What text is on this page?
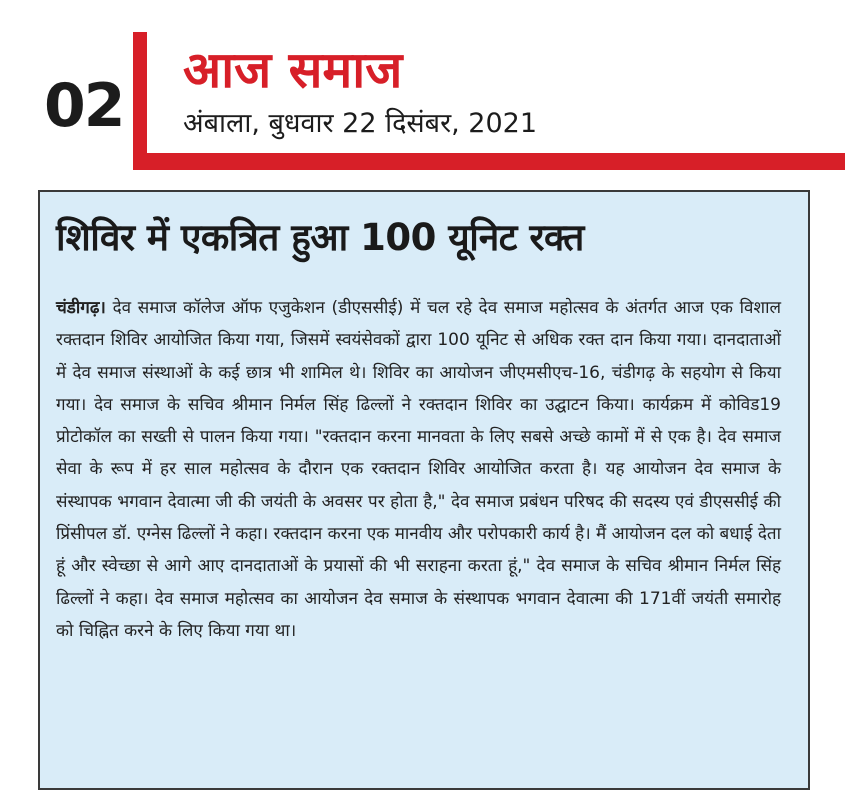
02
आज समाज
अंबाला, बुधवार 22 दिसंबर, 2021
शिविर में एकत्रित हुआ 100 यूनिट रक्त
चंडीगढ़। देव समाज कॉलेज ऑफ एजुकेशन (डीएससीई) में चल रहे देव समाज महोत्सव के अंतर्गत आज एक विशाल रक्तदान शिविर आयोजित किया गया, जिसमें स्वयंसेवकों द्वारा 100 यूनिट से अधिक रक्त दान किया गया। दानदाताओं में देव समाज संस्थाओं के कई छात्र भी शामिल थे। शिविर का आयोजन जीएमसीएच-16, चंडीगढ़ के सहयोग से किया गया। देव समाज के सचिव श्रीमान निर्मल सिंह ढिल्लों ने रक्तदान शिविर का उद्घाटन किया। कार्यक्रम में कोविड19 प्रोटोकॉल का सख्ती से पालन किया गया। "रक्तदान करना मानवता के लिए सबसे अच्छे कामों में से एक है। देव समाज सेवा के रूप में हर साल महोत्सव के दौरान एक रक्तदान शिविर आयोजित करता है। यह आयोजन देव समाज के संस्थापक भगवान देवात्मा जी की जयंती के अवसर पर होता है," देव समाज प्रबंधन परिषद की सदस्य एवं डीएससीई की प्रिंसीपल डॉ. एग्नेस ढिल्लों ने कहा। रक्तदान करना एक मानवीय और परोपकारी कार्य है। मैं आयोजन दल को बधाई देता हूं और स्वेच्छा से आगे आए दानदाताओं के प्रयासों की भी सराहना करता हूं," देव समाज के सचिव श्रीमान निर्मल सिंह ढिल्लों ने कहा। देव समाज महोत्सव का आयोजन देव समाज के संस्थापक भगवान देवात्मा की 171वीं जयंती समारोह को चिह्नित करने के लिए किया गया था।
